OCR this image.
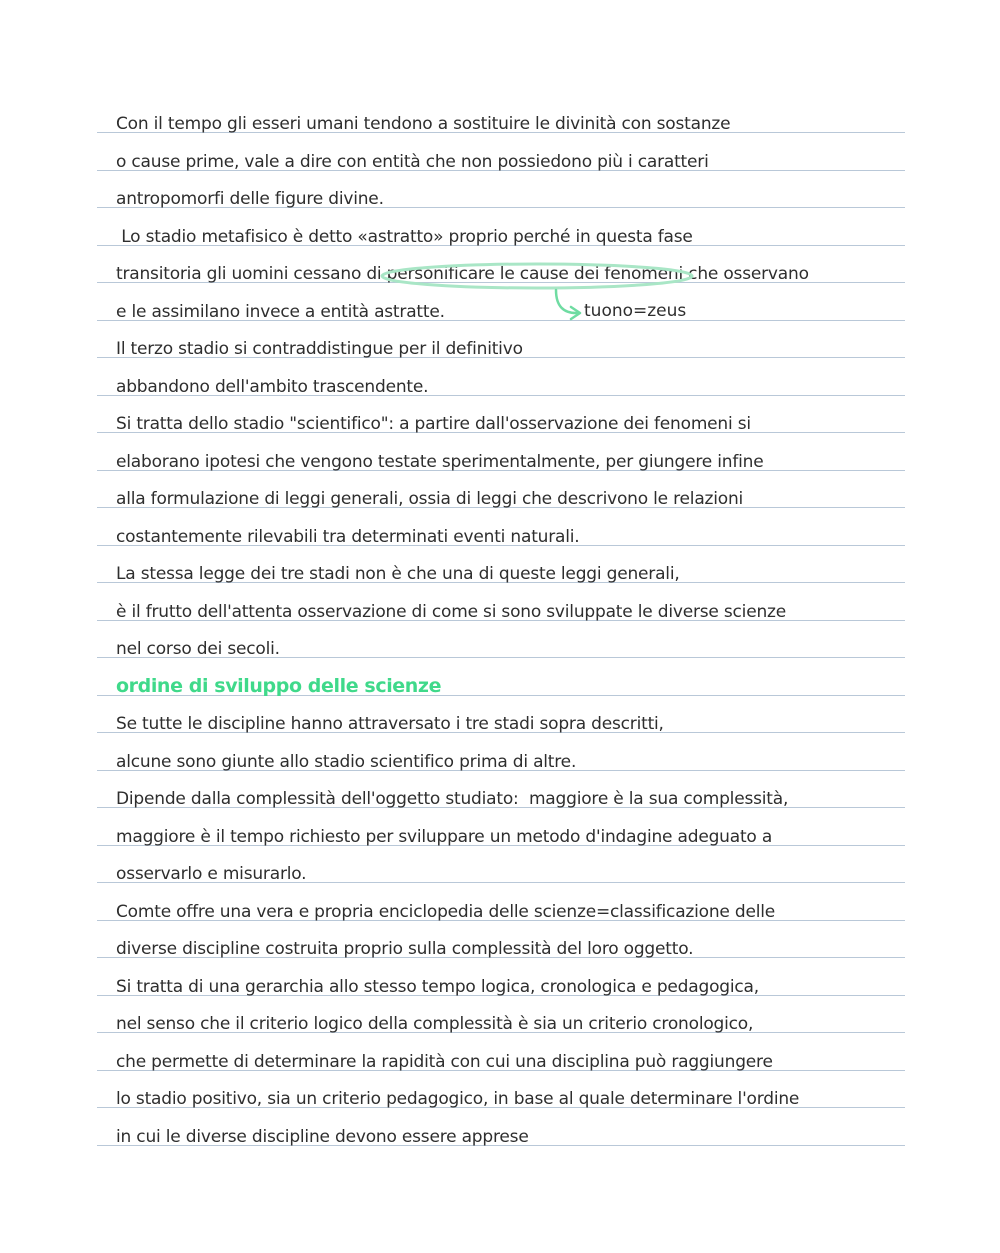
Con il tempo gli esseri umani tendono a sostituire le divinità con sostanze
o cause prime, vale a dire con entità che non possiedono più i caratteri
antropomorfi delle figure divine.
Lo stadio metafisico è detto «astratto» proprio perché in questa fase
transitoria gli uomini cessano di personificare le cause dei fenomeni che osservano
e le assimilano invece a entità astratte.
Il terzo stadio si contraddistingue per il definitivo
abbandono dell'ambito trascendente.
Si tratta dello stadio "scientifico": a partire dall'osservazione dei fenomeni si
elaborano ipotesi che vengono testate sperimentalmente, per giungere infine
alla formulazione di leggi generali, ossia di leggi che descrivono le relazioni
costantemente rilevabili tra determinati eventi naturali.
La stessa legge dei tre stadi non è che una di queste leggi generali,
è il frutto dell'attenta osservazione di come si sono sviluppate le diverse scienze
nel corso dei secoli.
ordine di sviluppo delle scienze
Se tutte le discipline hanno attraversato i tre stadi sopra descritti,
alcune sono giunte allo stadio scientifico prima di altre.
Dipende dalla complessità dell'oggetto studiato:  maggiore è la sua complessità,
maggiore è il tempo richiesto per sviluppare un metodo d'indagine adeguato a
osservarlo e misurarlo.
Comte offre una vera e propria enciclopedia delle scienze=classificazione delle
diverse discipline costruita proprio sulla complessità del loro oggetto.
Si tratta di una gerarchia allo stesso tempo logica, cronologica e pedagogica,
nel senso che il criterio logico della complessità è sia un criterio cronologico,
che permette di determinare la rapidità con cui una disciplina può raggiungere
lo stadio positivo, sia un criterio pedagogico, in base al quale determinare l'ordine
in cui le diverse discipline devono essere apprese
tuono=zeus
